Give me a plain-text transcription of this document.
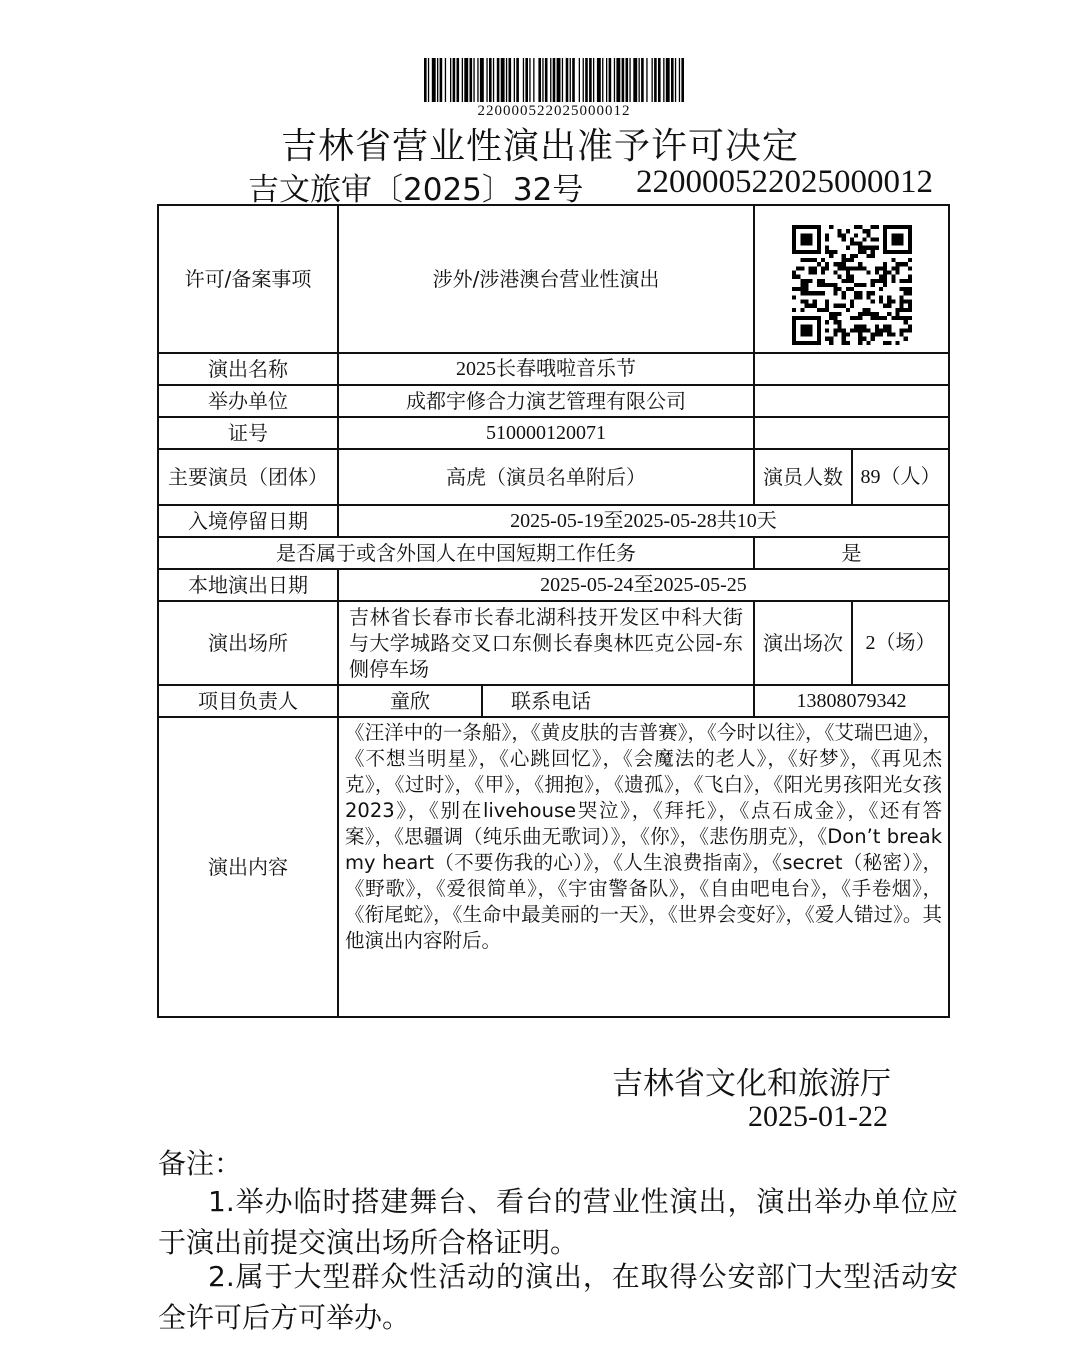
220000522025000012
吉林省营业性演出准予许可决定
吉文旅审〔2025〕32号 220000522025000012
许可/备案事项	涉外/涉港澳台营业性演出	

演出名称	2025长春哦啦音乐节			
举办单位	成都宇修合力演艺管理有限公司			
证号	510000120071			
主要演员（团体）	高虎（演员名单附后）		演员人数	89（人）
入境停留日期	2025-05-19至2025-05-28共10天			
是否属于或含外国人在中国短期工作任务			是	
本地演出日期	2025-05-24至2025-05-25			
演出场所	吉林省长春市长春北湖科技开发区中科大街与大学城路交叉口东侧长春奥林匹克公园-东侧停车场		演出场次	2（场）
项目负责人	童欣	联系电话	13808079342	
演出内容	《汪洋中的一条船》，《黄皮肤的吉普赛》，《今时以往》，《艾瑞巴迪》，《不想当明星》，《心跳回忆》，《会魔法的老人》，《好梦》，《再见杰克》，《过时》，《甲》，《拥抱》，《遗孤》，《飞白》，《阳光男孩阳光女孩2023》，《别在livehouse哭泣》，《拜托》，《点石成金》，《还有答案》，《思疆调（纯乐曲无歌词）》，《你》，《悲伤朋克》，《Don’t break my heart（不要伤我的心）》，《人生浪费指南》，《secret（秘密）》，《野歌》，《爱很简单》，《宇宙警备队》，《自由吧电台》，《手卷烟》，《衔尾蛇》，《生命中最美丽的一天》，《世界会变好》，《爱人错过》。其他演出内容附后。			
吉林省文化和旅游厅
2025-01-22
备注：
1.举办临时搭建舞台、看台的营业性演出，演出举办单位应于演出前提交演出场所合格证明。
2.属于大型群众性活动的演出，在取得公安部门大型活动安全许可后方可举办。
